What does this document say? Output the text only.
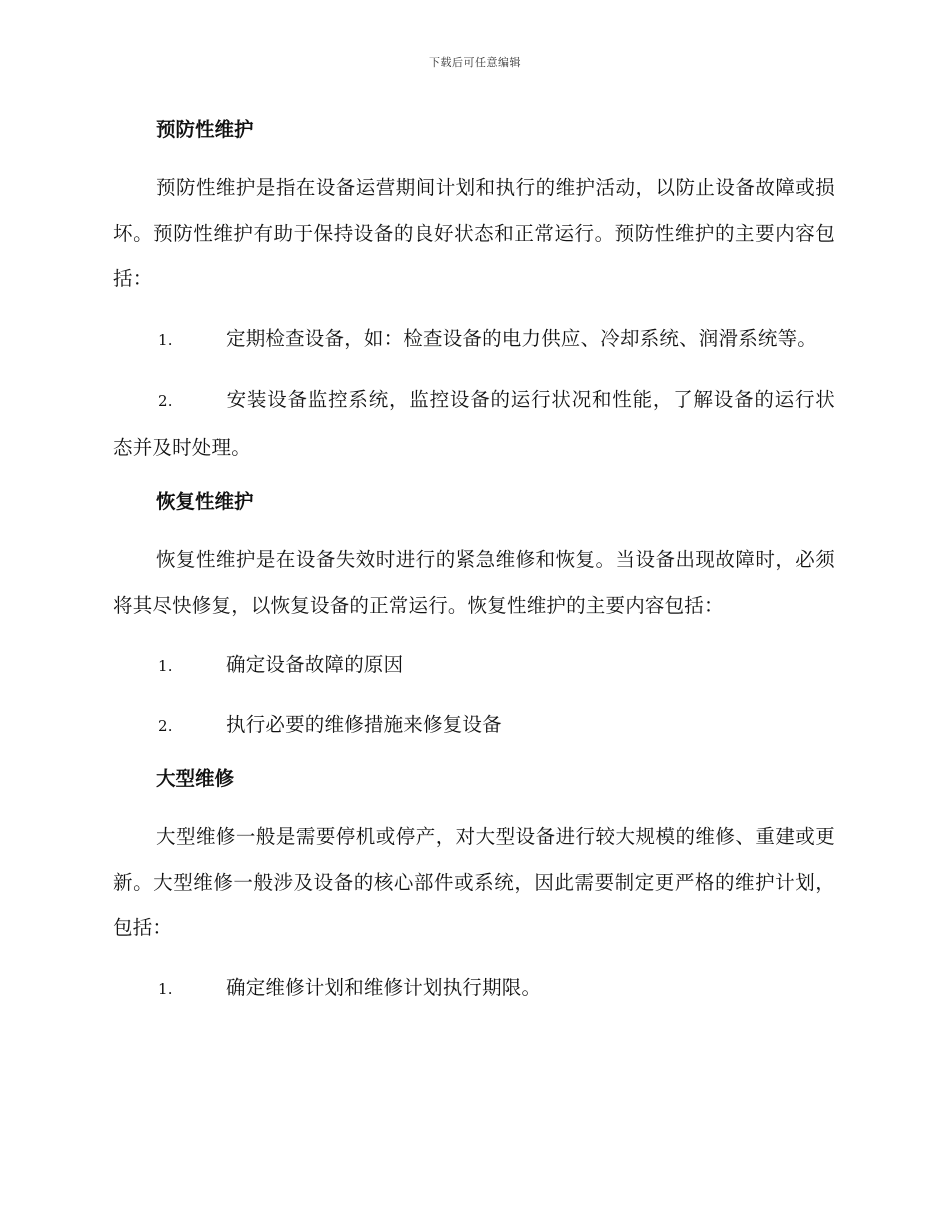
下载后可任意编辑
预防性维护
预防性维护是指在设备运营期间计划和执行的维护活动，以防止设备故障或损坏。预防性维护有助于保持设备的良好状态和正常运行。预防性维护的主要内容包括：
1.	定期检查设备，如：检查设备的电力供应、冷却系统、润滑系统等。
2.	安装设备监控系统，监控设备的运行状况和性能，了解设备的运行状态并及时处理。
恢复性维护
恢复性维护是在设备失效时进行的紧急维修和恢复。当设备出现故障时，必须将其尽快修复，以恢复设备的正常运行。恢复性维护的主要内容包括：
1.	确定设备故障的原因
2.	执行必要的维修措施来修复设备
大型维修
大型维修一般是需要停机或停产，对大型设备进行较大规模的维修、重建或更新。大型维修一般涉及设备的核心部件或系统，因此需要制定更严格的维护计划，包括：
1.	确定维修计划和维修计划执行期限。
